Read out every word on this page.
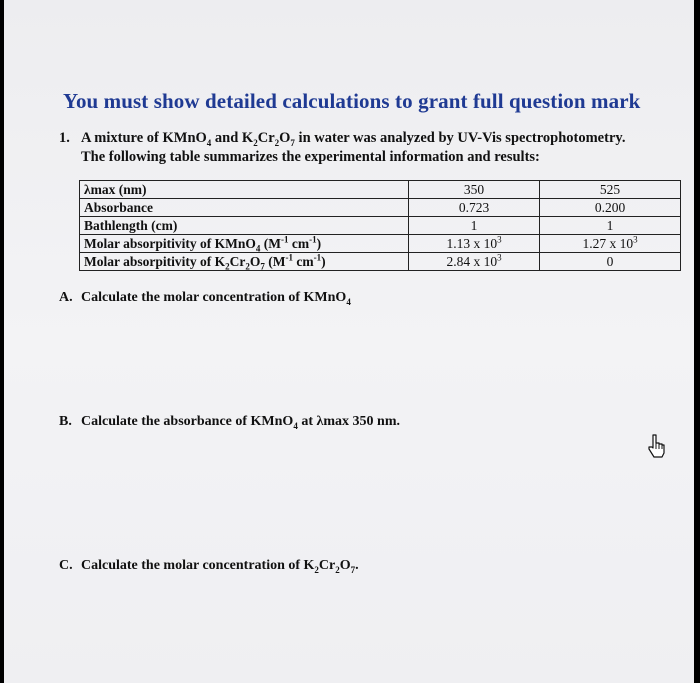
You must show detailed calculations to grant full question mark
1. A mixture of KMnO$_4$ and $K_2Cr_2O_7$ in water was analyzed by UV-Vis spectrophotometry.
The following table summarizes the experimental information and results:
λmax (nm)	350	525
Absorbance	0.723	0.200
Bathlength (cm)	1	1
Molar absorpitivity of KMnO$_4$ ($M^{-1}$ $cm^{-1}$)	1.13 x $10^3$	1.27 x $10^3$
Molar absorpitivity of $K_2Cr_2O_7$ ($M^{-1}$ $cm^{-1}$)	2.84 x $10^3$	0
A. Calculate the molar concentration of KMnO$_4$
B. Calculate the absorbance of KMnO$_4$ at λmax 350 nm.
C. Calculate the molar concentration of $K_2Cr_2O_7$.
